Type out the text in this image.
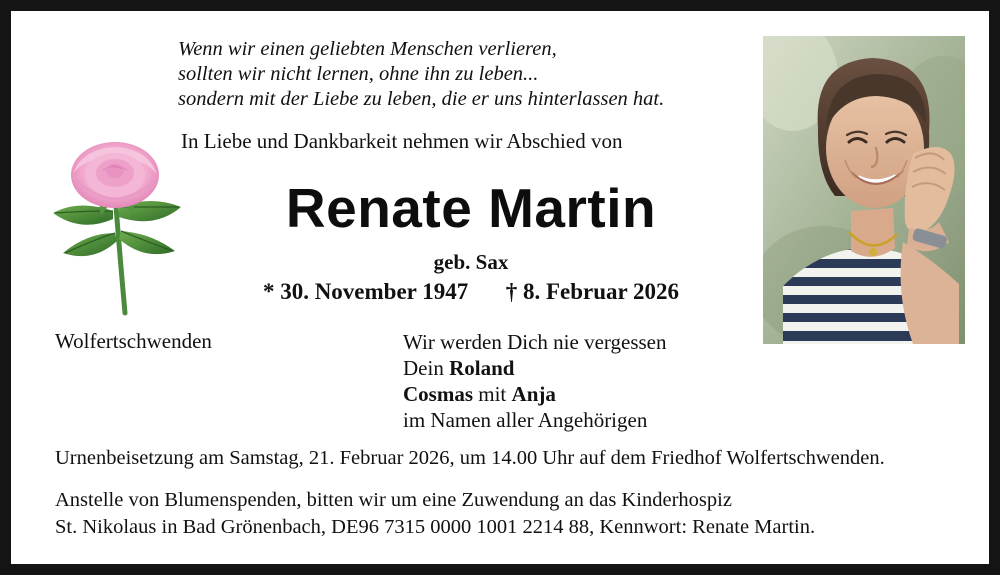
Wenn wir einen geliebten Menschen verlieren,
sollten wir nicht lernen, ohne ihn zu leben...
sondern mit der Liebe zu leben, die er uns hinterlassen hat.
In Liebe und Dankbarkeit nehmen wir Abschied von
Renate Martin
geb. Sax
* 30. November 1947 † 8. Februar 2026
Wolfertschwenden	Wir werden Dich nie vergessen
Dein Roland
Cosmas mit Anja
im Namen aller Angehörigen
Urnenbeisetzung am Samstag, 21. Februar 2026, um 14.00 Uhr auf dem Friedhof Wolfertschwenden.
Anstelle von Blumenspenden, bitten wir um eine Zuwendung an das Kinderhospiz
St. Nikolaus in Bad Grönenbach, DE96 7315 0000 1001 2214 88, Kennwort: Renate Martin.
